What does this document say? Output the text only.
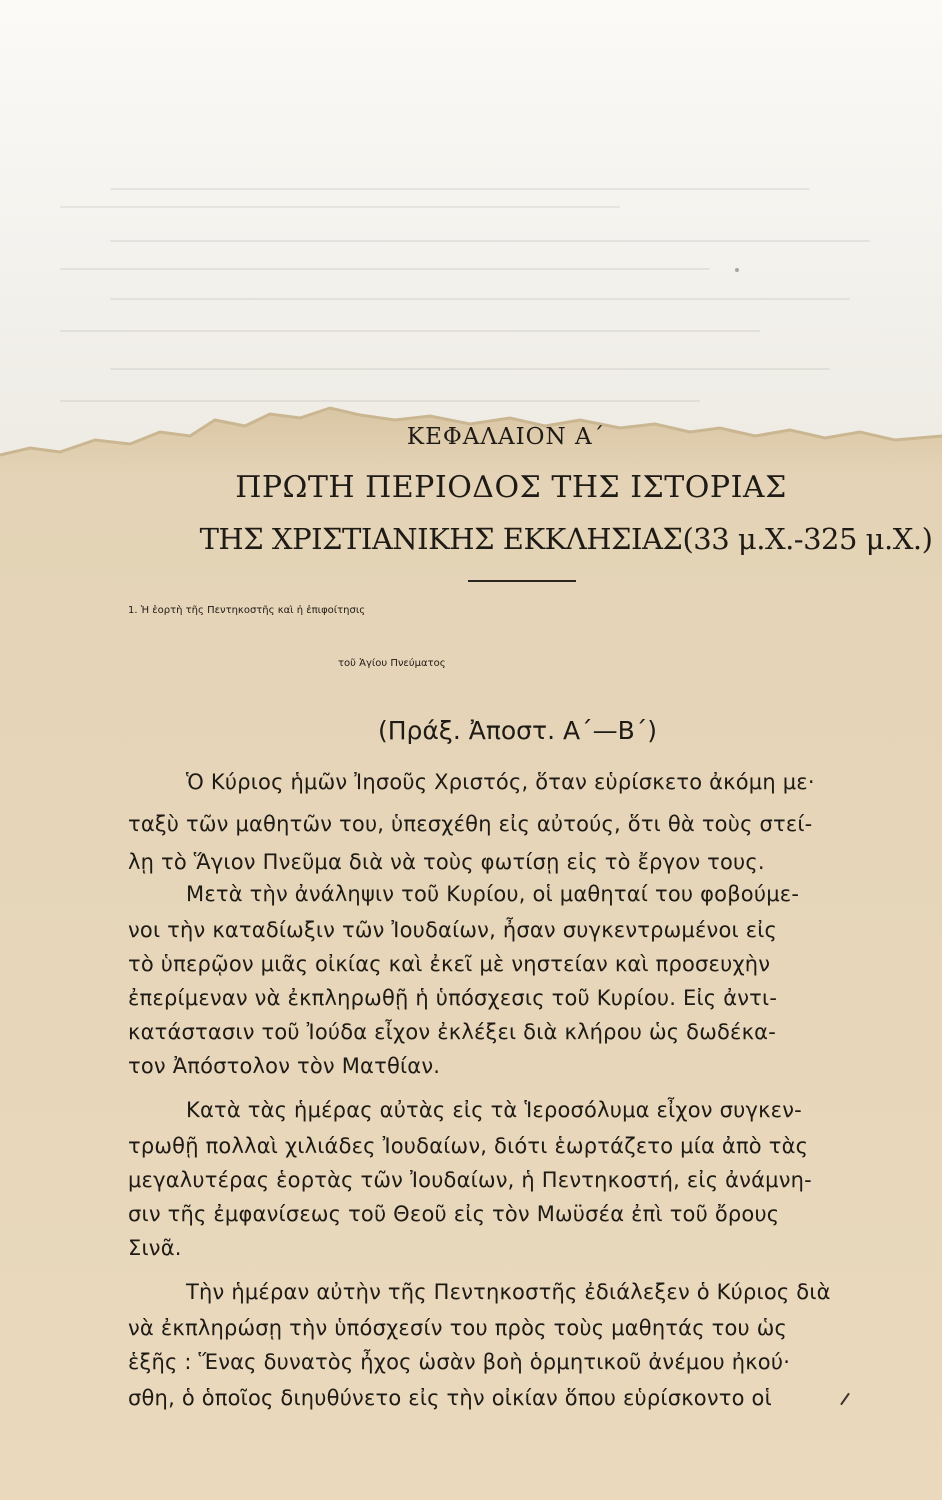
ΚΕΦΑΛΑΙΟΝ Α΄
ΠΡΩΤΗ ΠΕΡΙΟΔΟΣ ΤΗΣ ΙΣΤΟΡΙΑΣ
ΤΗΣ ΧΡΙΣΤΙΑΝΙΚΗΣ ΕΚΚΛΗΣΙΑΣ(33 μ.Χ.-325 μ.Χ.)
1. Ἡ ἑορτὴ τῆς Πεντηκοστῆς καὶ ἡ ἐπιφοίτησις
τοῦ Ἁγίου Πνεύματος
(Πράξ. Ἀποστ. Α΄—Β΄)
Ὁ Κύριος ἡμῶν Ἰησοῦς Χριστός, ὅταν εὑρίσκετο ἀκόμη με·
ταξὺ τῶν μαθητῶν του, ὑπεσχέθη εἰς αὐτούς, ὅτι θὰ τοὺς στεί-
λῃ τὸ Ἅγιον Πνεῦμα διὰ νὰ τοὺς φωτίσῃ εἰς τὸ ἔργον τους.
Μετὰ τὴν ἀνάληψιν τοῦ Κυρίου, οἱ μαθηταί του φοβούμε-
νοι τὴν καταδίωξιν τῶν Ἰουδαίων, ἦσαν συγκεντρωμένοι εἰς
τὸ ὑπερῷον μιᾶς οἰκίας καὶ ἐκεῖ μὲ νηστείαν καὶ προσευχὴν
ἐπερίμεναν νὰ ἐκπληρωθῇ ἡ ὑπόσχεσις τοῦ Κυρίου. Εἰς ἀντι-
κατάστασιν τοῦ Ἰούδα εἶχον ἐκλέξει διὰ κλήρου ὡς δωδέκα-
τον Ἀπόστολον τὸν Ματθίαν.
Κατὰ τὰς ἡμέρας αὐτὰς εἰς τὰ Ἱεροσόλυμα εἶχον συγκεν-
τρωθῇ πολλαὶ χιλιάδες Ἰουδαίων, διότι ἑωρτάζετο μία ἀπὸ τὰς
μεγαλυτέρας ἑορτὰς τῶν Ἰουδαίων, ἡ Πεντηκοστή, εἰς ἀνάμνη-
σιν τῆς ἐμφανίσεως τοῦ Θεοῦ εἰς τὸν Μωϋσέα ἐπὶ τοῦ ὄρους
Σινᾶ.
Τὴν ἡμέραν αὐτὴν τῆς Πεντηκοστῆς ἐδιάλεξεν ὁ Κύριος διὰ
νὰ ἐκπληρώσῃ τὴν ὑπόσχεσίν του πρὸς τοὺς μαθητάς του ὡς
ἑξῆς : Ἕνας δυνατὸς ἦχος ὡσὰν βοὴ ὁρμητικοῦ ἀνέμου ἠκού·
σθη, ὁ ὁποῖος διηυθύνετο εἰς τὴν οἰκίαν ὅπου εὑρίσκοντο οἱ
